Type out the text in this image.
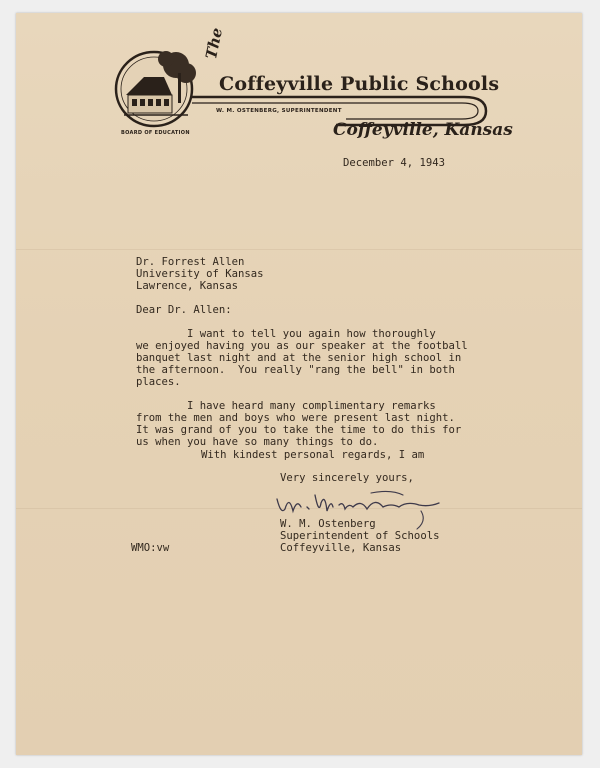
The
Coffeyville Public Schools
W. M. OSTENBERG, SUPERINTENDENT
BOARD OF EDUCATION	Coffeyville, Kansas

December 4, 1943

Dr. Forrest Allen

University of Kansas

Lawrence, Kansas

Dear Dr. Allen:

I want to tell you again how thoroughly

we enjoyed having you as our speaker at the football

banquet last night and at the senior high school in

the afternoon.  You really "rang the bell" in both

places.

I have heard many complimentary remarks

from the men and boys who were present last night.

It was grand of you to take the time to do this for

us when you have so many things to do.

With kindest personal regards, I am

Very sincerely yours,

W. M. Ostenberg

Superintendent of Schools

Coffeyville, Kansas

WMO:vw
